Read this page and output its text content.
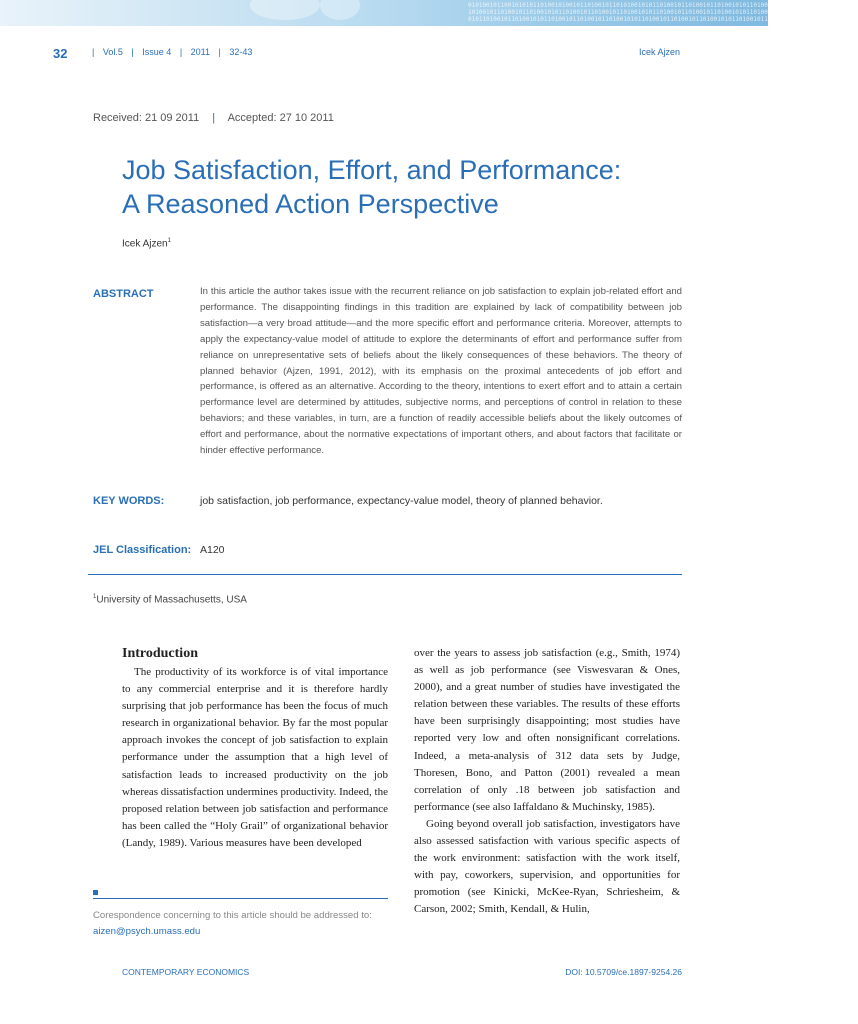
010100101100101010110100101001011010010110101001010110100101101001011010010101101001011010010110100101011010
101001011010010110100101011010010110100101101001010110100101101001011010010101101001011010010110100101011010
010110100101101001010110100101101001011010010101101001011010010110100101011010010110100101101001010110100101
32	| Vol.5 | Issue 4 | 2011 | 32-43	Icek Ajzen
Received: 21 09 2011 | Accepted: 27 10 2011
Job Satisfaction, Effort, and Performance:
A Reasoned Action Perspective
Icek Ajzen$^1$
ABSTRACT	In this article the author takes issue with the recurrent reliance on job satisfaction to explain job-related effort and performance. The disappointing findings in this tradition are explained by lack of compatibility between job satisfaction—a very broad attitude—and the more specific effort and performance criteria. Moreover, attempts to apply the expectancy-value model of attitude to explore the determinants of effort and performance suffer from reliance on unrepresentative sets of beliefs about the likely consequences of these behaviors. The theory of planned behavior (Ajzen, 1991, 2012), with its emphasis on the proximal antecedents of job effort and performance, is offered as an alternative. According to the theory, intentions to exert effort and to attain a certain performance level are determined by attitudes, subjective norms, and perceptions of control in relation to these behaviors; and these variables, in turn, are a function of readily accessible beliefs about the likely outcomes of effort and performance, about the normative expectations of important others, and about factors that facilitate or hinder effective performance.

KEY WORDS:	job satisfaction, job performance, expectancy-value model, theory of planned behavior.
JEL Classification: A120
$^1$University of Massachusetts, USA
Introduction

The productivity of its workforce is of vital importance to any commercial enterprise and it is therefore hardly surprising that job performance has been the focus of much research in organizational behavior. By far the most popular approach invokes the concept of job satisfaction to explain performance under the assumption that a high level of satisfaction leads to increased productivity on the job whereas dissatisfaction undermines productivity. Indeed, the proposed relation between job satisfaction and performance has been called the “Holy Grail” of organizational behavior (Landy, 1989). Various measures have been developed

over the years to assess job satisfaction (e.g., Smith, 1974) as well as job performance (see Viswesvaran & Ones, 2000), and a great number of studies have investigated the relation between these variables. The results of these efforts have been surprisingly disappointing; most studies have reported very low and often nonsignificant correlations. Indeed, a meta-analysis of 312 data sets by Judge, Thoresen, Bono, and Patton (2001) revealed a mean correlation of only .18 between job satisfaction and performance (see also Iaffaldano & Muchinsky, 1985).

Going beyond overall job satisfaction, investigators have also assessed satisfaction with various specific aspects of the work environment: satisfaction with the work itself, with pay, coworkers, supervision, and opportunities for promotion (see Kinicki, McKee-Ryan, Schriesheim, & Carson, 2002; Smith, Kendall, & Hulin,

Corespondence concerning to this article should be addressed to:
aizen@psych.umass.edu
CONTEMPORARY ECONOMICS	DOI: 10.5709/ce.1897-9254.26
